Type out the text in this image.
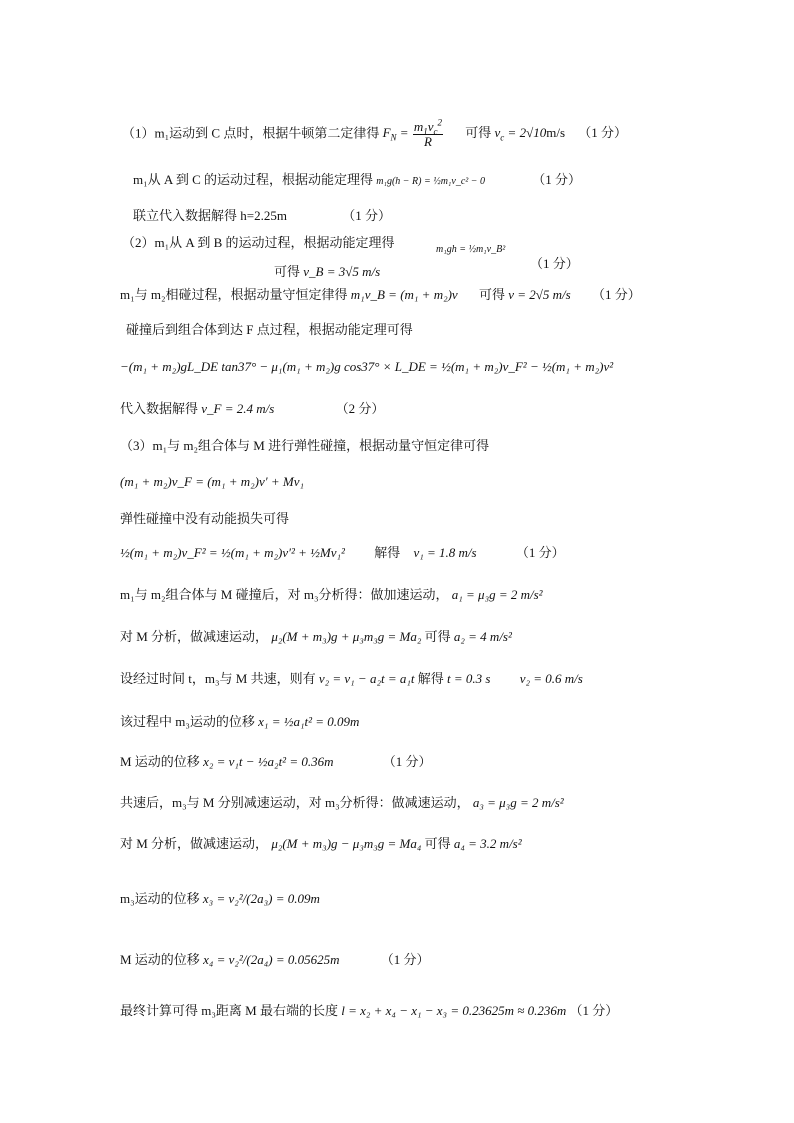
（1）m₁运动到 C 点时，根据牛顿第二定律得 $F_N = \frac{m_1v_c^2}{R}$ 可得 $v_c = 2√10m/s$ （1 分）
m₁从 A 到 C 的运动过程，根据动能定理得 m₁g(h − R) = ½m₁v_c² − 0	（1 分）
联立代入数据解得 h=2.25m	（1 分）
（2）m₁从 A 到 B 的运动过程，根据动能定理得	m₁gh = ½m₁v_B²
（1 分）
可得 v_B = 3√5 m/s
m₁与 m₂相碰过程，根据动量守恒定律得 m₁v_B = (m₁ + m₂)v 可得 v = 2√5 m/s （1 分）
碰撞后到组合体到达 F 点过程，根据动能定理可得
−(m₁ + m₂)gL_DE tan37° − μ₁(m₁ + m₂)g cos37° × L_DE = ½(m₁ + m₂)v_F² − ½(m₁ + m₂)v²
代入数据解得 v_F = 2.4 m/s	（2 分）
（3）m₁与 m₂组合体与 M 进行弹性碰撞，根据动量守恒定律可得
(m₁ + m₂)v_F = (m₁ + m₂)v′ + Mv₁
弹性碰撞中没有动能损失可得
½(m₁ + m₂)v_F² = ½(m₁ + m₂)v′² + ½Mv₁² 解得 v₁ = 1.8 m/s	（1 分）
m₁与 m₂组合体与 M 碰撞后，对 m₃分析得：做加速运动， a₁ = μ₃g = 2 m/s²
对 M 分析，做减速运动， μ₂(M + m₃)g + μ₃m₃g = Ma₂ 可得 a₂ = 4 m/s²
设经过时间 t，m₃与 M 共速，则有 v₂ = v₁ − a₂t = a₁t 解得 t = 0.3 s v₂ = 0.6 m/s
该过程中 m₃运动的位移 x₁ = ½a₁t² = 0.09m
M 运动的位移 x₂ = v₁t − ½a₂t² = 0.36m	（1 分）
共速后，m₃与 M 分别减速运动，对 m₃分析得：做减速运动， a₃ = μ₃g = 2 m/s²
对 M 分析，做减速运动， μ₂(M + m₃)g − μ₃m₃g = Ma₄ 可得 a₄ = 3.2 m/s²
m₃运动的位移 x₃ = v₂²/(2a₃) = 0.09m
M 运动的位移 x₄ = v₂²/(2a₄) = 0.05625m	（1 分）
最终计算可得 m₃距离 M 最右端的长度 l = x₂ + x₄ − x₁ − x₃ = 0.23625m ≈ 0.236m （1 分）
